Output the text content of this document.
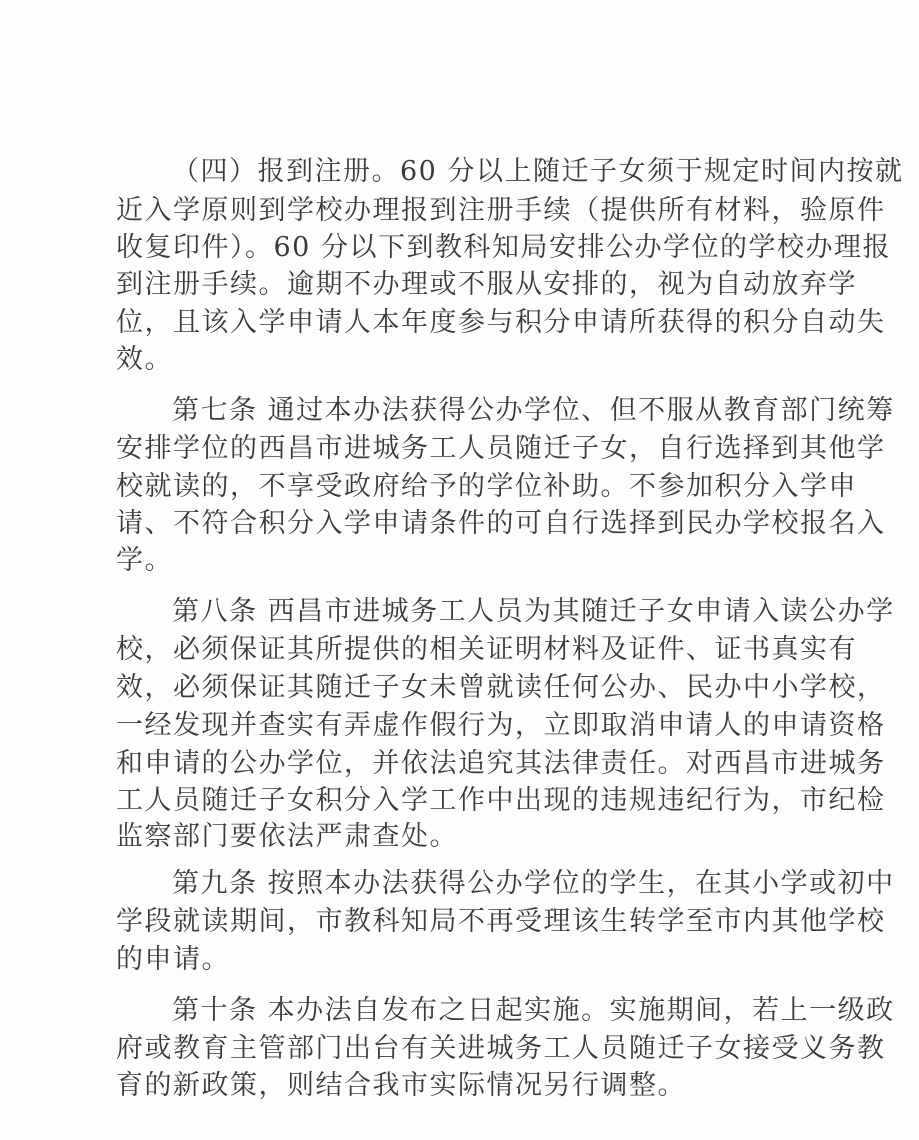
（四）报到注册。60 分以上随迁子女须于规定时间内按就
近入学原则到学校办理报到注册手续（提供所有材料，验原件
收复印件）。60 分以下到教科知局安排公办学位的学校办理报
到注册手续。逾期不办理或不服从安排的，视为自动放弃学
位，且该入学申请人本年度参与积分申请所获得的积分自动失
效。
第七条 通过本办法获得公办学位、但不服从教育部门统筹
安排学位的西昌市进城务工人员随迁子女，自行选择到其他学
校就读的，不享受政府给予的学位补助。不参加积分入学申
请、不符合积分入学申请条件的可自行选择到民办学校报名入
学。
第八条 西昌市进城务工人员为其随迁子女申请入读公办学
校，必须保证其所提供的相关证明材料及证件、证书真实有
效，必须保证其随迁子女未曾就读任何公办、民办中小学校，
一经发现并查实有弄虚作假行为，立即取消申请人的申请资格
和申请的公办学位，并依法追究其法律责任。对西昌市进城务
工人员随迁子女积分入学工作中出现的违规违纪行为，市纪检
监察部门要依法严肃查处。
第九条 按照本办法获得公办学位的学生，在其小学或初中
学段就读期间，市教科知局不再受理该生转学至市内其他学校
的申请。
第十条 本办法自发布之日起实施。实施期间，若上一级政
府或教育主管部门出台有关进城务工人员随迁子女接受义务教
育的新政策，则结合我市实际情况另行调整。
